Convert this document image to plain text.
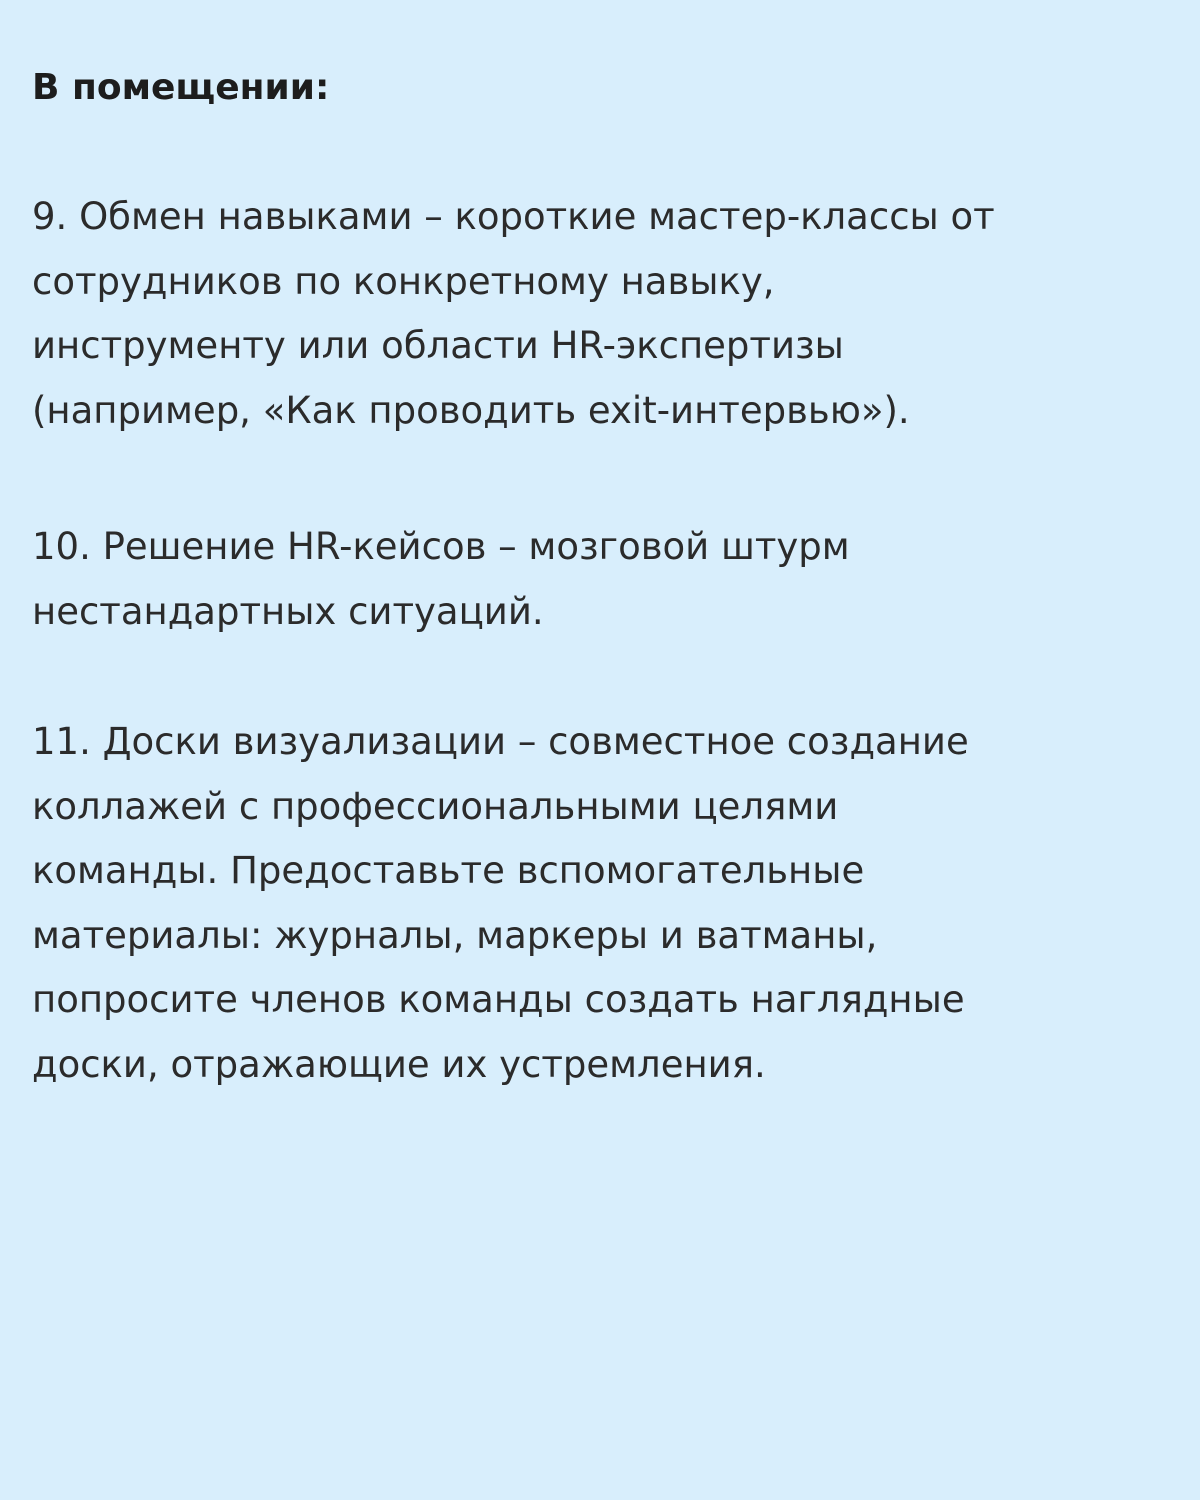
В помещении:

9. Обмен навыками – короткие мастер-классы от
сотрудников по конкретному навыку,
инструменту или области HR-экспертизы
(например, «Как проводить exit-интервью»).

10. Решение HR-кейсов – мозговой штурм
нестандартных ситуаций.

11. Доски визуализации – совместное создание
коллажей с профессиональными целями
команды. Предоставьте вспомогательные
материалы: журналы, маркеры и ватманы,
попросите членов команды создать наглядные
доски, отражающие их устремления.
